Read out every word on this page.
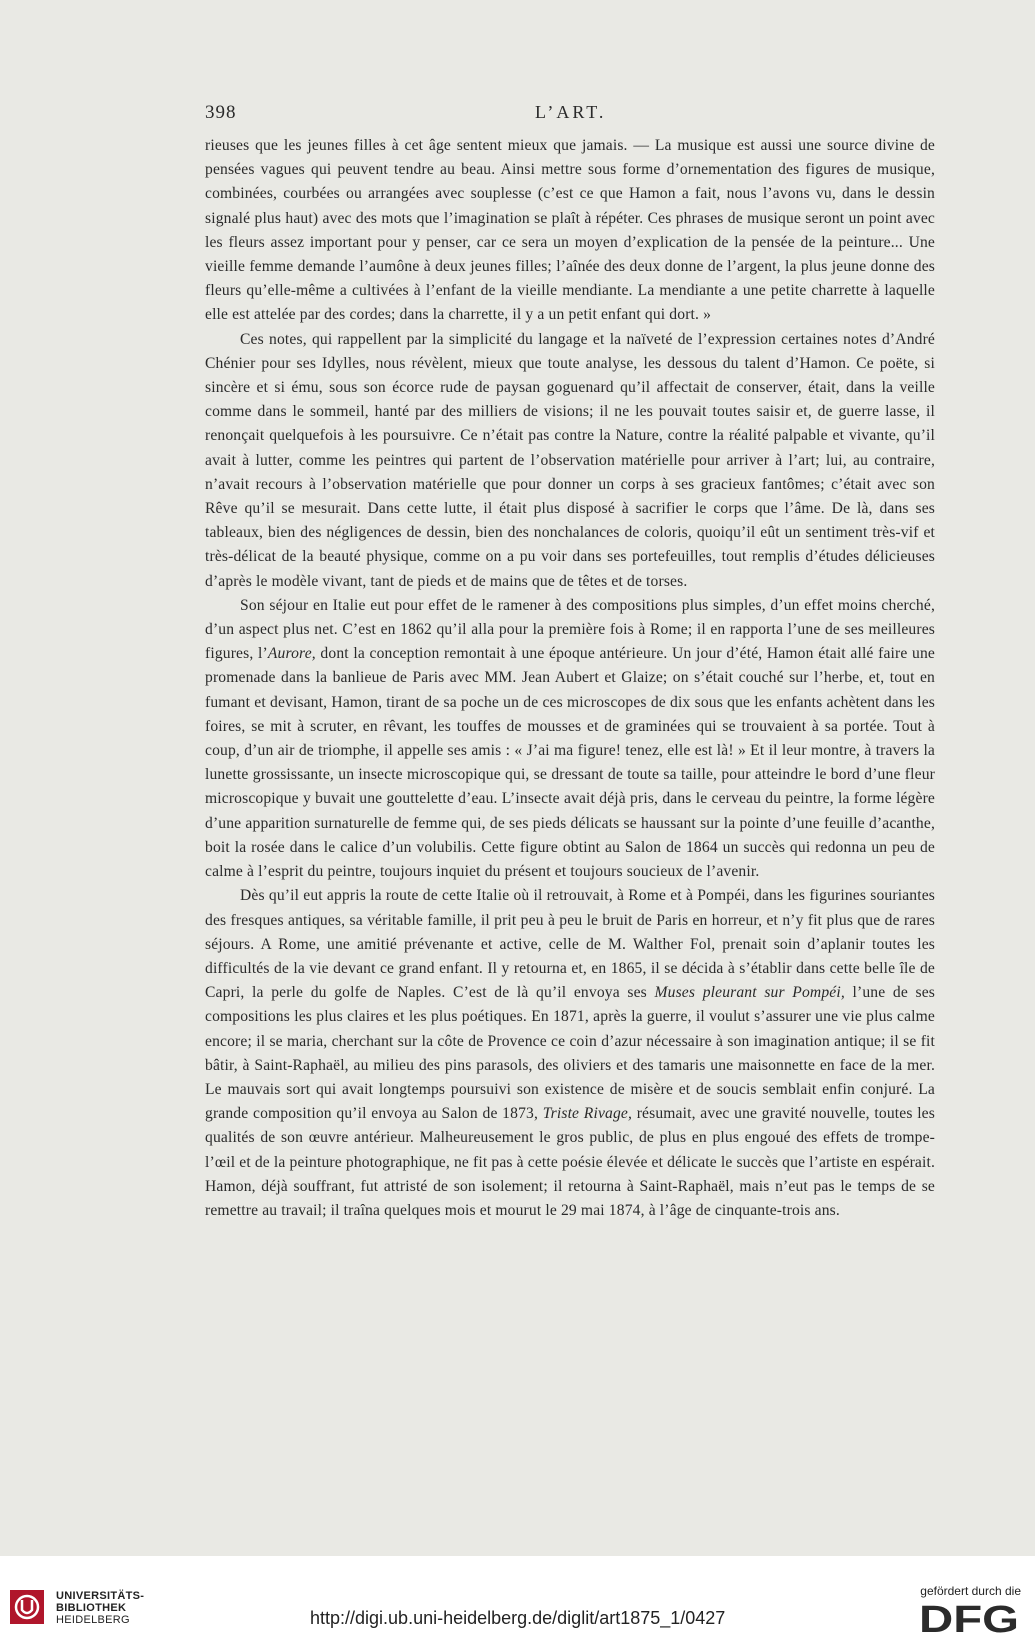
398	L’ART.

rieuses que les jeunes filles à cet âge sentent mieux que jamais. — La musique est aussi une source divine de pensées vagues qui peuvent tendre au beau. Ainsi mettre sous forme d’ornementation des figures de musique, combinées, courbées ou arrangées avec souplesse (c’est ce que Hamon a fait, nous l’avons vu, dans le dessin signalé plus haut) avec des mots que l’imagination se plaît à répéter. Ces phrases de musique seront un point avec les fleurs assez important pour y penser, car ce sera un moyen d’explication de la pensée de la peinture... Une vieille femme demande l’aumône à deux jeunes filles; l’aînée des deux donne de l’argent, la plus jeune donne des fleurs qu’elle-même a cultivées à l’enfant de la vieille mendiante. La mendiante a une petite charrette à laquelle elle est attelée par des cordes; dans la charrette, il y a un petit enfant qui dort. »

Ces notes, qui rappellent par la simplicité du langage et la naïveté de l’expression certaines notes d’André Chénier pour ses Idylles, nous révèlent, mieux que toute analyse, les dessous du talent d’Hamon. Ce poëte, si sincère et si ému, sous son écorce rude de paysan goguenard qu’il affectait de conserver, était, dans la veille comme dans le sommeil, hanté par des milliers de visions; il ne les pouvait toutes saisir et, de guerre lasse, il renonçait quelquefois à les poursuivre. Ce n’était pas contre la Nature, contre la réalité palpable et vivante, qu’il avait à lutter, comme les peintres qui partent de l’observation matérielle pour arriver à l’art; lui, au contraire, n’avait recours à l’observation matérielle que pour donner un corps à ses gracieux fantômes; c’était avec son Rêve qu’il se mesurait. Dans cette lutte, il était plus disposé à sacrifier le corps que l’âme. De là, dans ses tableaux, bien des négligences de dessin, bien des nonchalances de coloris, quoiqu’il eût un sentiment très-vif et très-délicat de la beauté physique, comme on a pu voir dans ses portefeuilles, tout remplis d’études délicieuses d’après le modèle vivant, tant de pieds et de mains que de têtes et de torses.

Son séjour en Italie eut pour effet de le ramener à des compositions plus simples, d’un effet moins cherché, d’un aspect plus net. C’est en 1862 qu’il alla pour la première fois à Rome; il en rapporta l’une de ses meilleures figures, l’Aurore, dont la conception remontait à une époque antérieure. Un jour d’été, Hamon était allé faire une promenade dans la banlieue de Paris avec MM. Jean Aubert et Glaize; on s’était couché sur l’herbe, et, tout en fumant et devisant, Hamon, tirant de sa poche un de ces microscopes de dix sous que les enfants achètent dans les foires, se mit à scruter, en rêvant, les touffes de mousses et de graminées qui se trouvaient à sa portée. Tout à coup, d’un air de triomphe, il appelle ses amis : « J’ai ma figure! tenez, elle est là! » Et il leur montre, à travers la lunette grossissante, un insecte microscopique qui, se dressant de toute sa taille, pour atteindre le bord d’une fleur microscopique y buvait une gouttelette d’eau. L’insecte avait déjà pris, dans le cerveau du peintre, la forme légère d’une apparition surnaturelle de femme qui, de ses pieds délicats se haussant sur la pointe d’une feuille d’acanthe, boit la rosée dans le calice d’un volubilis. Cette figure obtint au Salon de 1864 un succès qui redonna un peu de calme à l’esprit du peintre, toujours inquiet du présent et toujours soucieux de l’avenir.

Dès qu’il eut appris la route de cette Italie où il retrouvait, à Rome et à Pompéi, dans les figurines souriantes des fresques antiques, sa véritable famille, il prit peu à peu le bruit de Paris en horreur, et n’y fit plus que de rares séjours. A Rome, une amitié prévenante et active, celle de M. Walther Fol, prenait soin d’aplanir toutes les difficultés de la vie devant ce grand enfant. Il y retourna et, en 1865, il se décida à s’établir dans cette belle île de Capri, la perle du golfe de Naples. C’est de là qu’il envoya ses Muses pleurant sur Pompéi, l’une de ses compositions les plus claires et les plus poétiques. En 1871, après la guerre, il voulut s’assurer une vie plus calme encore; il se maria, cherchant sur la côte de Provence ce coin d’azur nécessaire à son imagination antique; il se fit bâtir, à Saint-Raphaël, au milieu des pins parasols, des oliviers et des tamaris une maisonnette en face de la mer. Le mauvais sort qui avait longtemps poursuivi son existence de misère et de soucis semblait enfin conjuré. La grande composition qu’il envoya au Salon de 1873, Triste Rivage, résumait, avec une gravité nouvelle, toutes les qualités de son œuvre antérieur. Malheureusement le gros public, de plus en plus engoué des effets de trompe-l’œil et de la peinture photographique, ne fit pas à cette poésie élevée et délicate le succès que l’artiste en espérait. Hamon, déjà souffrant, fut attristé de son isolement; il retourna à Saint-Raphaël, mais n’eut pas le temps de se remettre au travail; il traîna quelques mois et mourut le 29 mai 1874, à l’âge de cinquante-trois ans.

UNIVERSITÄTS-
BIBLIOTHEK
HEIDELBERG	http://digi.ub.uni-heidelberg.de/diglit/art1875_1/0427
gefördert durch die
DFG
